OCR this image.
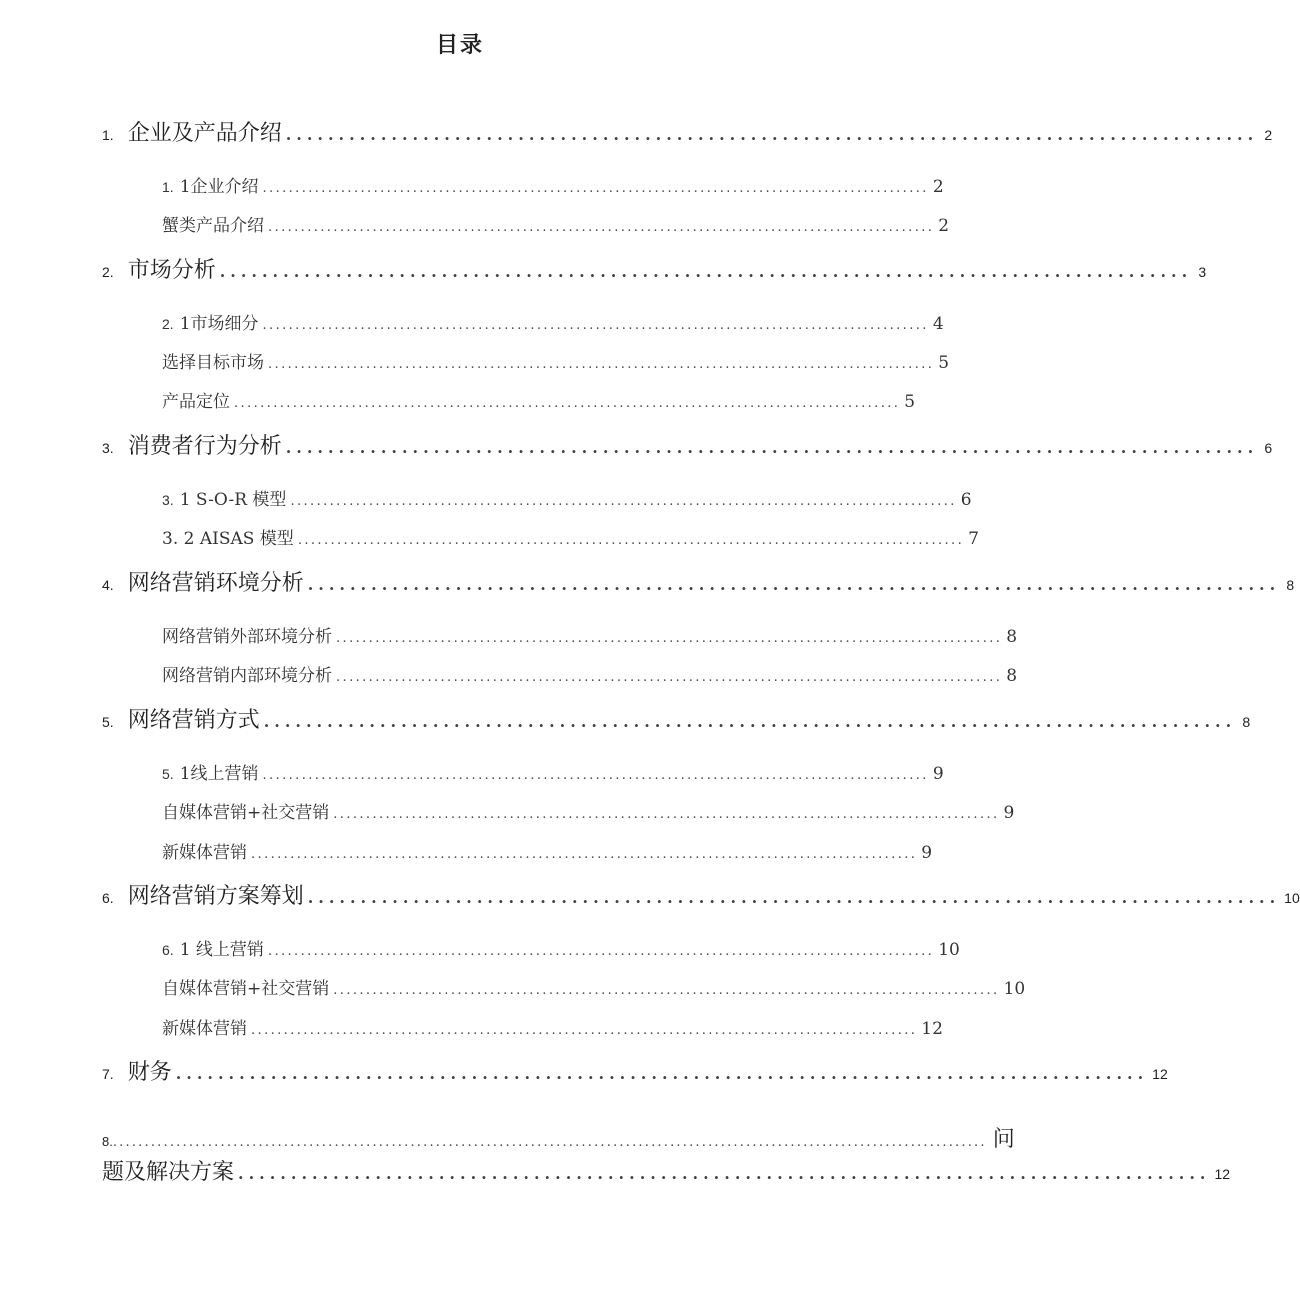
目录
1. 企业及产品介绍 ............................................................................................ 2
1. 1企业介绍 ...................................................................................................... 2
蟹类产品介绍 ...................................................................................................... 2
2. 市场分析 ............................................................................................ 3
2. 1市场细分 ...................................................................................................... 4
选择目标市场 ...................................................................................................... 5
产品定位 ...................................................................................................... 5
3. 消费者行为分析 ............................................................................................ 6
3. 1 S-O-R 模型 ...................................................................................................... 6
3. 2 AISAS 模型 ...................................................................................................... 7
4. 网络营销环境分析 ............................................................................................ 8
网络营销外部环境分析 ...................................................................................................... 8
网络营销内部环境分析 ...................................................................................................... 8
5. 网络营销方式 ............................................................................................ 8
5. 1线上营销 ...................................................................................................... 9
自媒体营销+社交营销 ...................................................................................................... 9
新媒体营销 ...................................................................................................... 9
6. 网络营销方案筹划 ............................................................................................ 10
6. 1 线上营销 ...................................................................................................... 10
自媒体营销+社交营销 ...................................................................................................... 10
新媒体营销 ...................................................................................................... 12
7. 财务 ............................................................................................ 12
8. .......................................................................................................................................... 问
题及解决方案 ............................................................................................ 12
